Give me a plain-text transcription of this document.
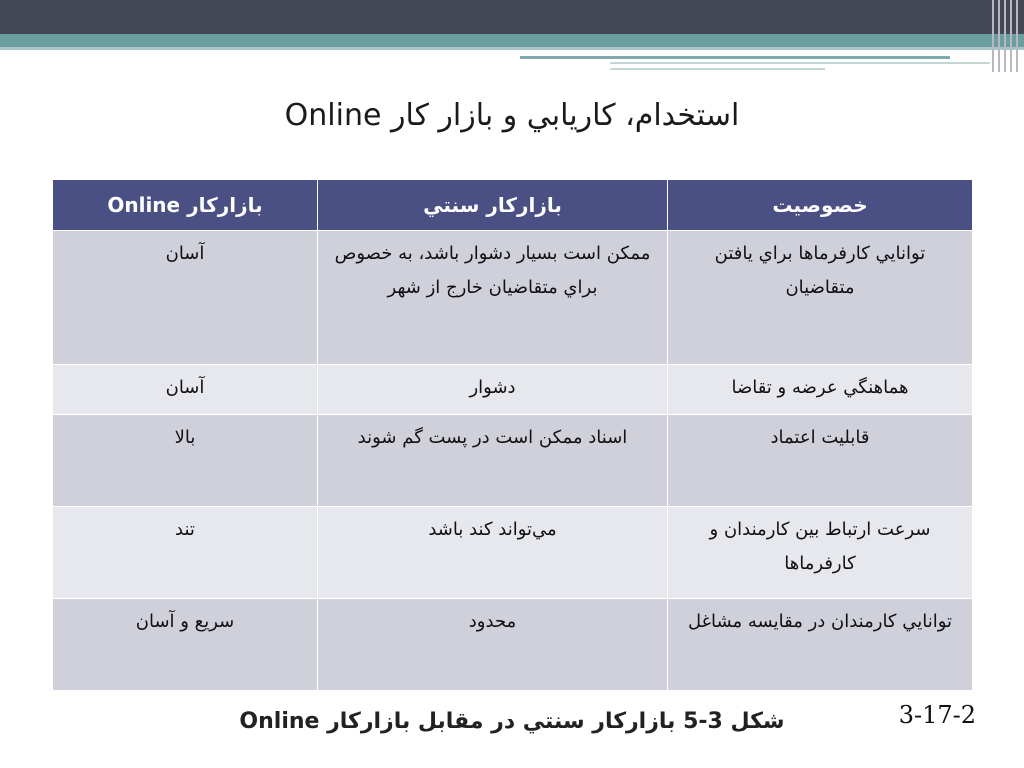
استخدام، كاريابي و بازار كار Online
خصوصيت	بازاركار سنتي	بازاركار Online
توانايي كارفرماها براي يافتن متقاضيان	ممكن است بسيار دشوار باشد، به خصوص براي متقاضيان خارج از شهر	آسان
هماهنگي عرضه و تقاضا	دشوار	آسان
قابليت اعتماد	اسناد ممكن است در پست گم شوند	بالا
سرعت ارتباط بين كارمندان و كارفرماها	مي‌تواند كند باشد	تند
توانايي كارمندان در مقايسه مشاغل	محدود	سريع و آسان
شكل 3-5 بازاركار سنتي در مقابل بازاركار Online	3-17-2
